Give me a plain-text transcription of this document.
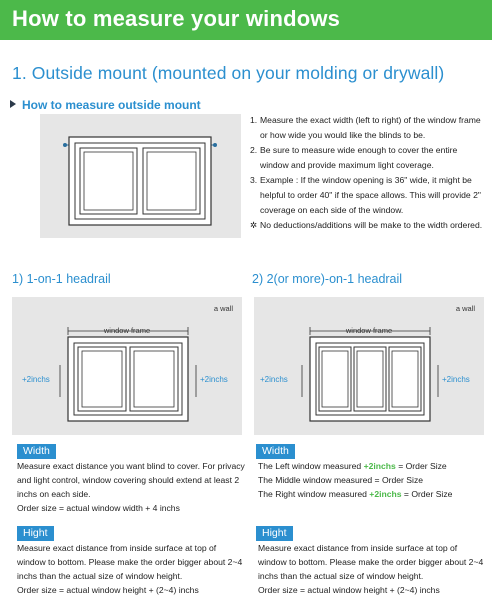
How to measure your windows
1. Outside mount (mounted on your molding or drywall)
How to measure outside mount
1. Measure the exact width (left to right) of the window frame or how wide you would like the blinds to be.
2. Be sure to measure wide enough to cover the entire window and provide maximum light coverage.
3. Example : If the window opening is 36" wide, it might be helpful to order 40" if the space allows. This will provide 2" coverage on each side of the window.
✲ No deductions/additions will be make to the width ordered.
1) 1-on-1 headrail
a wall
window frame
+2inchs	+2inchs
Width
Measure exact distance you want blind to cover. For privacy and light control, window covering should extend at least 2 inchs on each side.
Order size = actual window width + 4 inchs
Hight
Measure exact distance from inside surface at top of window to bottom. Please make the order bigger about 2~4 inchs than the actual size of window height.
Order size = actual window height + (2~4) inchs
2) 2(or more)-on-1 headrail
a wall
window frame
+2inchs	+2inchs
Width
The Left window measured +2inchs = Order Size
The Middle window measured = Order Size
The Right window measured +2inchs = Order Size
Hight
Measure exact distance from inside surface at top of window to bottom. Please make the order bigger about 2~4 inchs than the actual size of window height.
Order size = actual window height + (2~4) inchs
